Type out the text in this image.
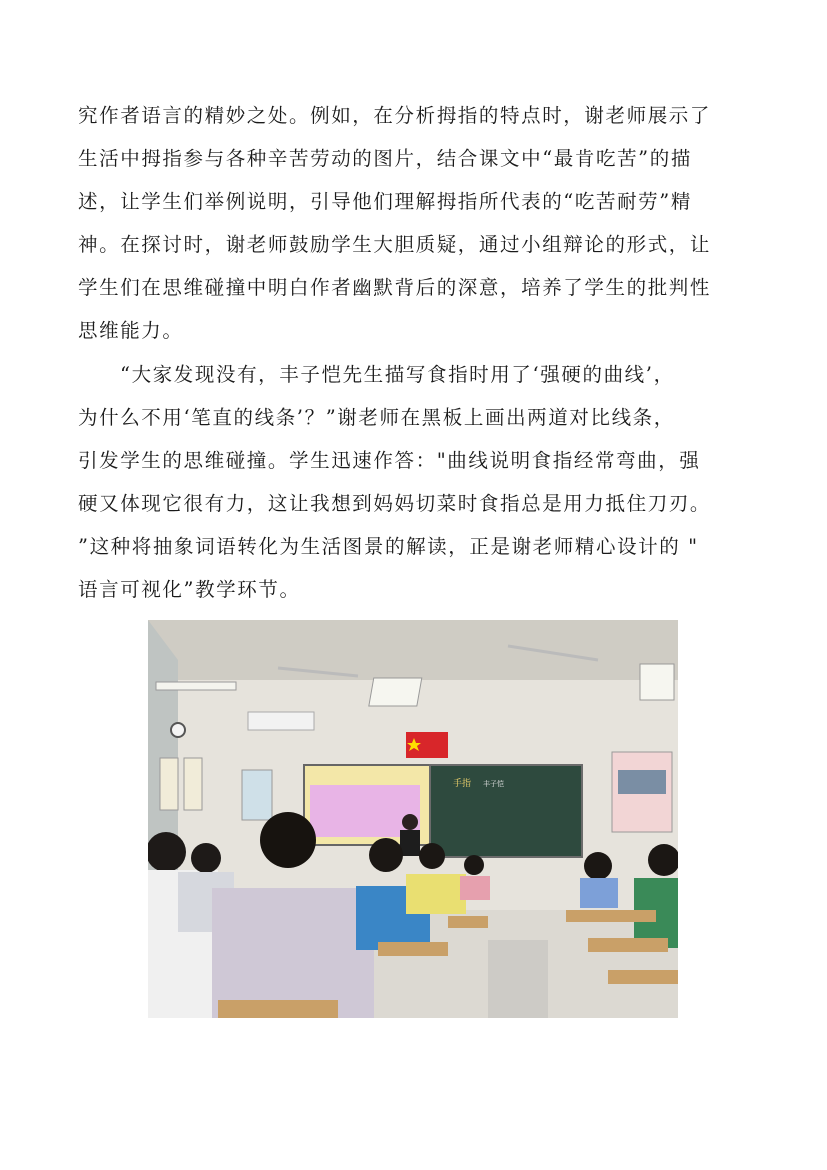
究作者语言的精妙之处。例如，在分析拇指的特点时，谢老师展示了
生活中拇指参与各种辛苦劳动的图片，结合课文中“最肯吃苦”的描
述，让学生们举例说明，引导他们理解拇指所代表的“吃苦耐劳”精
神。在探讨时，谢老师鼓励学生大胆质疑，通过小组辩论的形式，让
学生们在思维碰撞中明白作者幽默背后的深意，培养了学生的批判性
思维能力。
“大家发现没有，丰子恺先生描写食指时用了‘强硬的曲线’，
为什么不用‘笔直的线条’？”谢老师在黑板上画出两道对比线条，
引发学生的思维碰撞。学生迅速作答："曲线说明食指经常弯曲，强
硬又体现它很有力，这让我想到妈妈切菜时食指总是用力抵住刀刃。
”这种将抽象词语转化为生活图景的解读，正是谢老师精心设计的 "
语言可视化”教学环节。
手指 丰子恺
